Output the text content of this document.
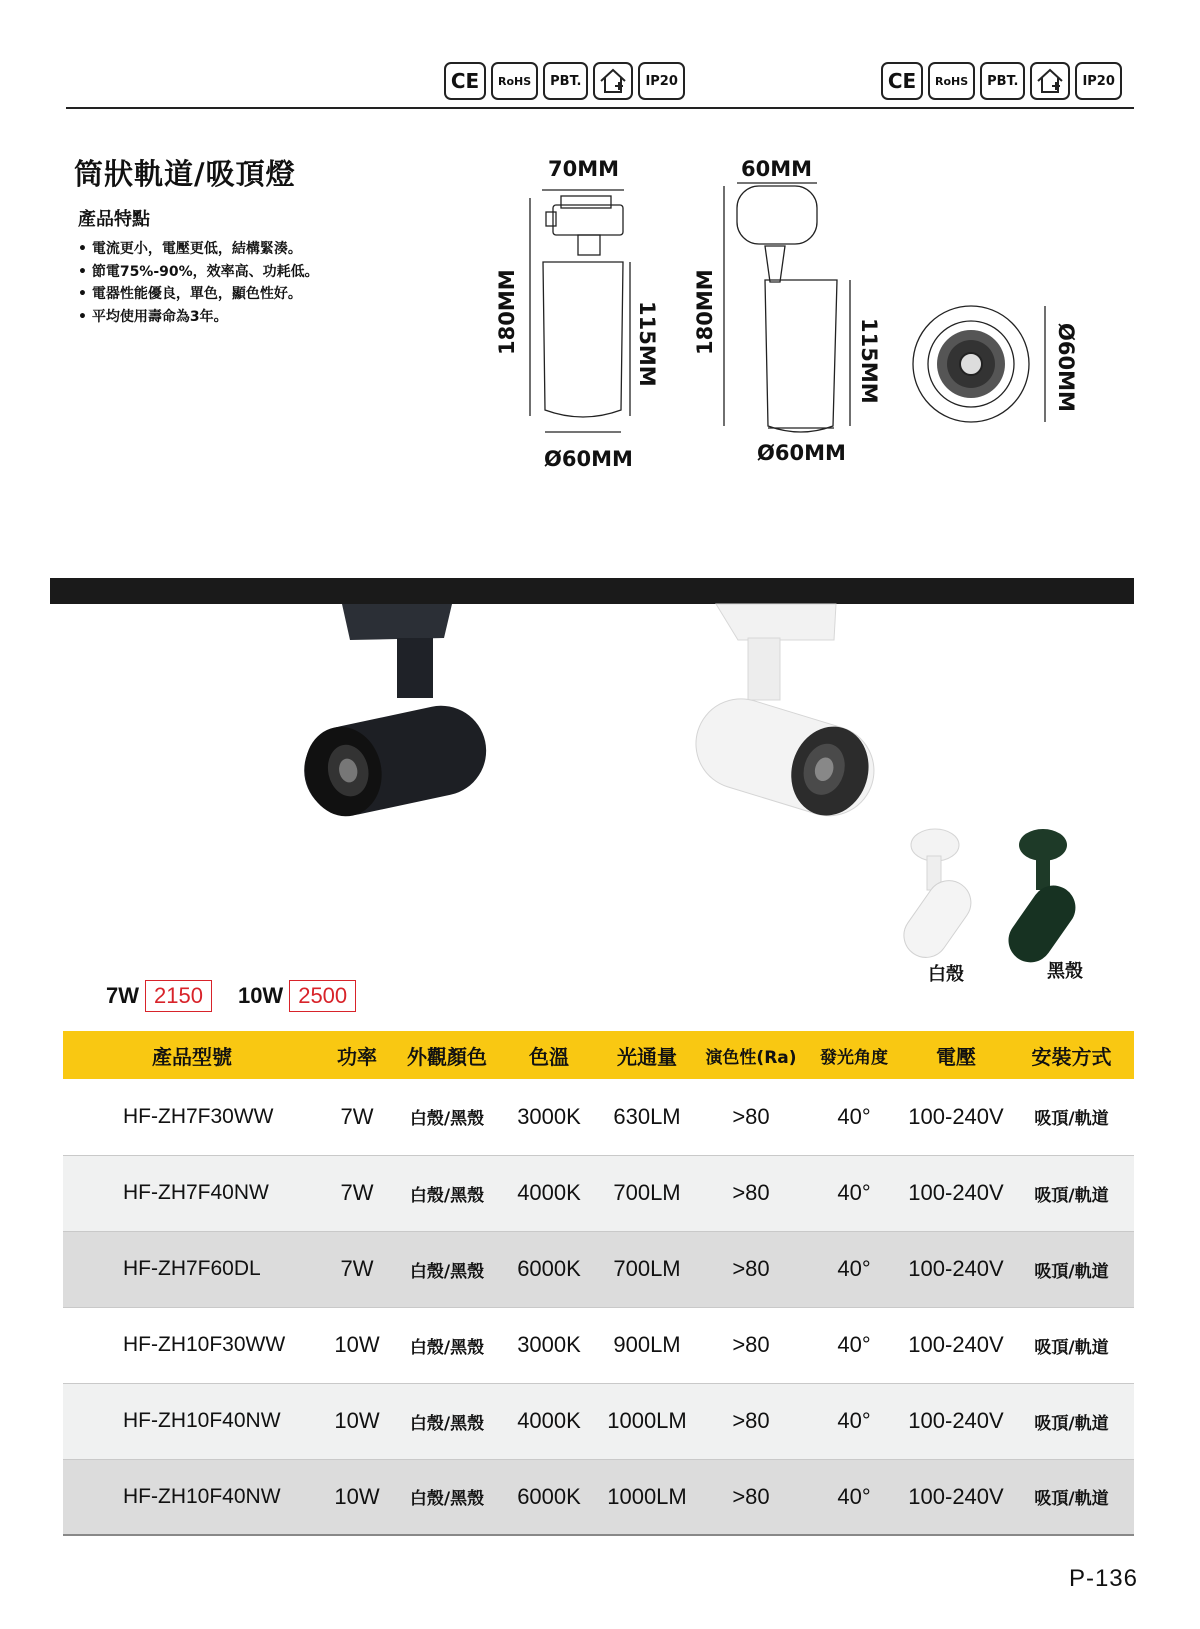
CE	RoHS	PBT.	IP20	CE	RoHS	PBT.	IP20
筒狀軌道/吸頂燈
產品特點
• 電流更小，電壓更低，結構緊湊。
• 節電75%-90%，效率高、功耗低。
• 電器性能優良，單色，顯色性好。
• 平均使用壽命為3年。
70MM	60MM
180MM	115MM
Ø60MM
180MM
115MM
Ø60MM
Ø60MM
白殼	黑殼
7W 2150	10W 2500
產品型號	功率	外觀顏色	色溫	光通量	演色性(Ra)	發光角度	電壓	安裝方式
HF-ZH7F30WW	7W	白殼/黑殼	3000K	630LM	>80	40°	100-240V	吸頂/軌道
HF-ZH7F40NW	7W	白殼/黑殼	4000K	700LM	>80	40°	100-240V	吸頂/軌道
HF-ZH7F60DL	7W	白殼/黑殼	6000K	700LM	>80	40°	100-240V	吸頂/軌道
HF-ZH10F30WW	10W	白殼/黑殼	3000K	900LM	>80	40°	100-240V	吸頂/軌道
HF-ZH10F40NW	10W	白殼/黑殼	4000K	1000LM	>80	40°	100-240V	吸頂/軌道
HF-ZH10F40NW	10W	白殼/黑殼	6000K	1000LM	>80	40°	100-240V	吸頂/軌道
P-136
